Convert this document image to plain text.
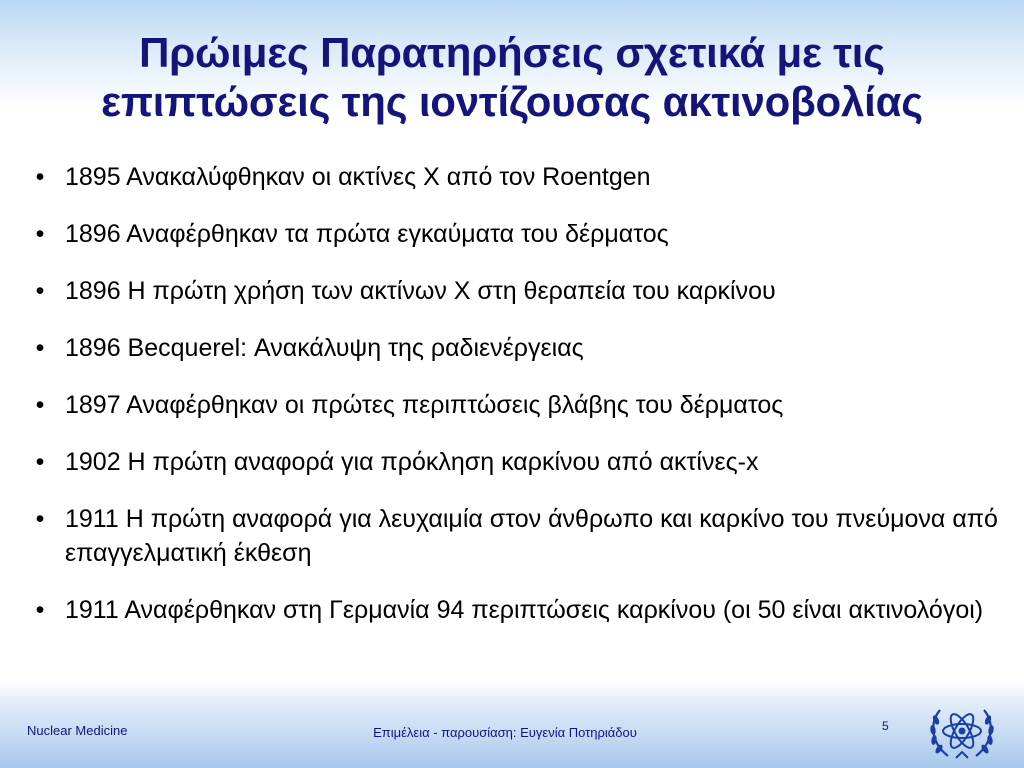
Πρώιμες Παρατηρήσεις σχετικά με τις
επιπτώσεις της ιοντίζουσας ακτινοβολίας
• 1895 Ανακαλύφθηκαν οι ακτίνες Χ από τον Roentgen
• 1896 Αναφέρθηκαν τα πρώτα εγκαύματα του δέρματος
• 1896 Η πρώτη χρήση των ακτίνων Χ στη θεραπεία του καρκίνου
• 1896 Becquerel: Ανακάλυψη της ραδιενέργειας
• 1897 Αναφέρθηκαν οι πρώτες περιπτώσεις βλάβης του δέρματος
• 1902 Η πρώτη αναφορά για πρόκληση καρκίνου από ακτίνες-x
• 1911 Η πρώτη αναφορά για λευχαιμία στον άνθρωπο και καρκίνο του πνεύμονα από επαγγελματική έκθεση
• 1911 Αναφέρθηκαν στη Γερμανία 94 περιπτώσεις καρκίνου (οι 50 είναι ακτινολόγοι)
Nuclear Medicine	Επιμέλεια - παρουσίαση: Ευγενία Ποτηριάδου	5
